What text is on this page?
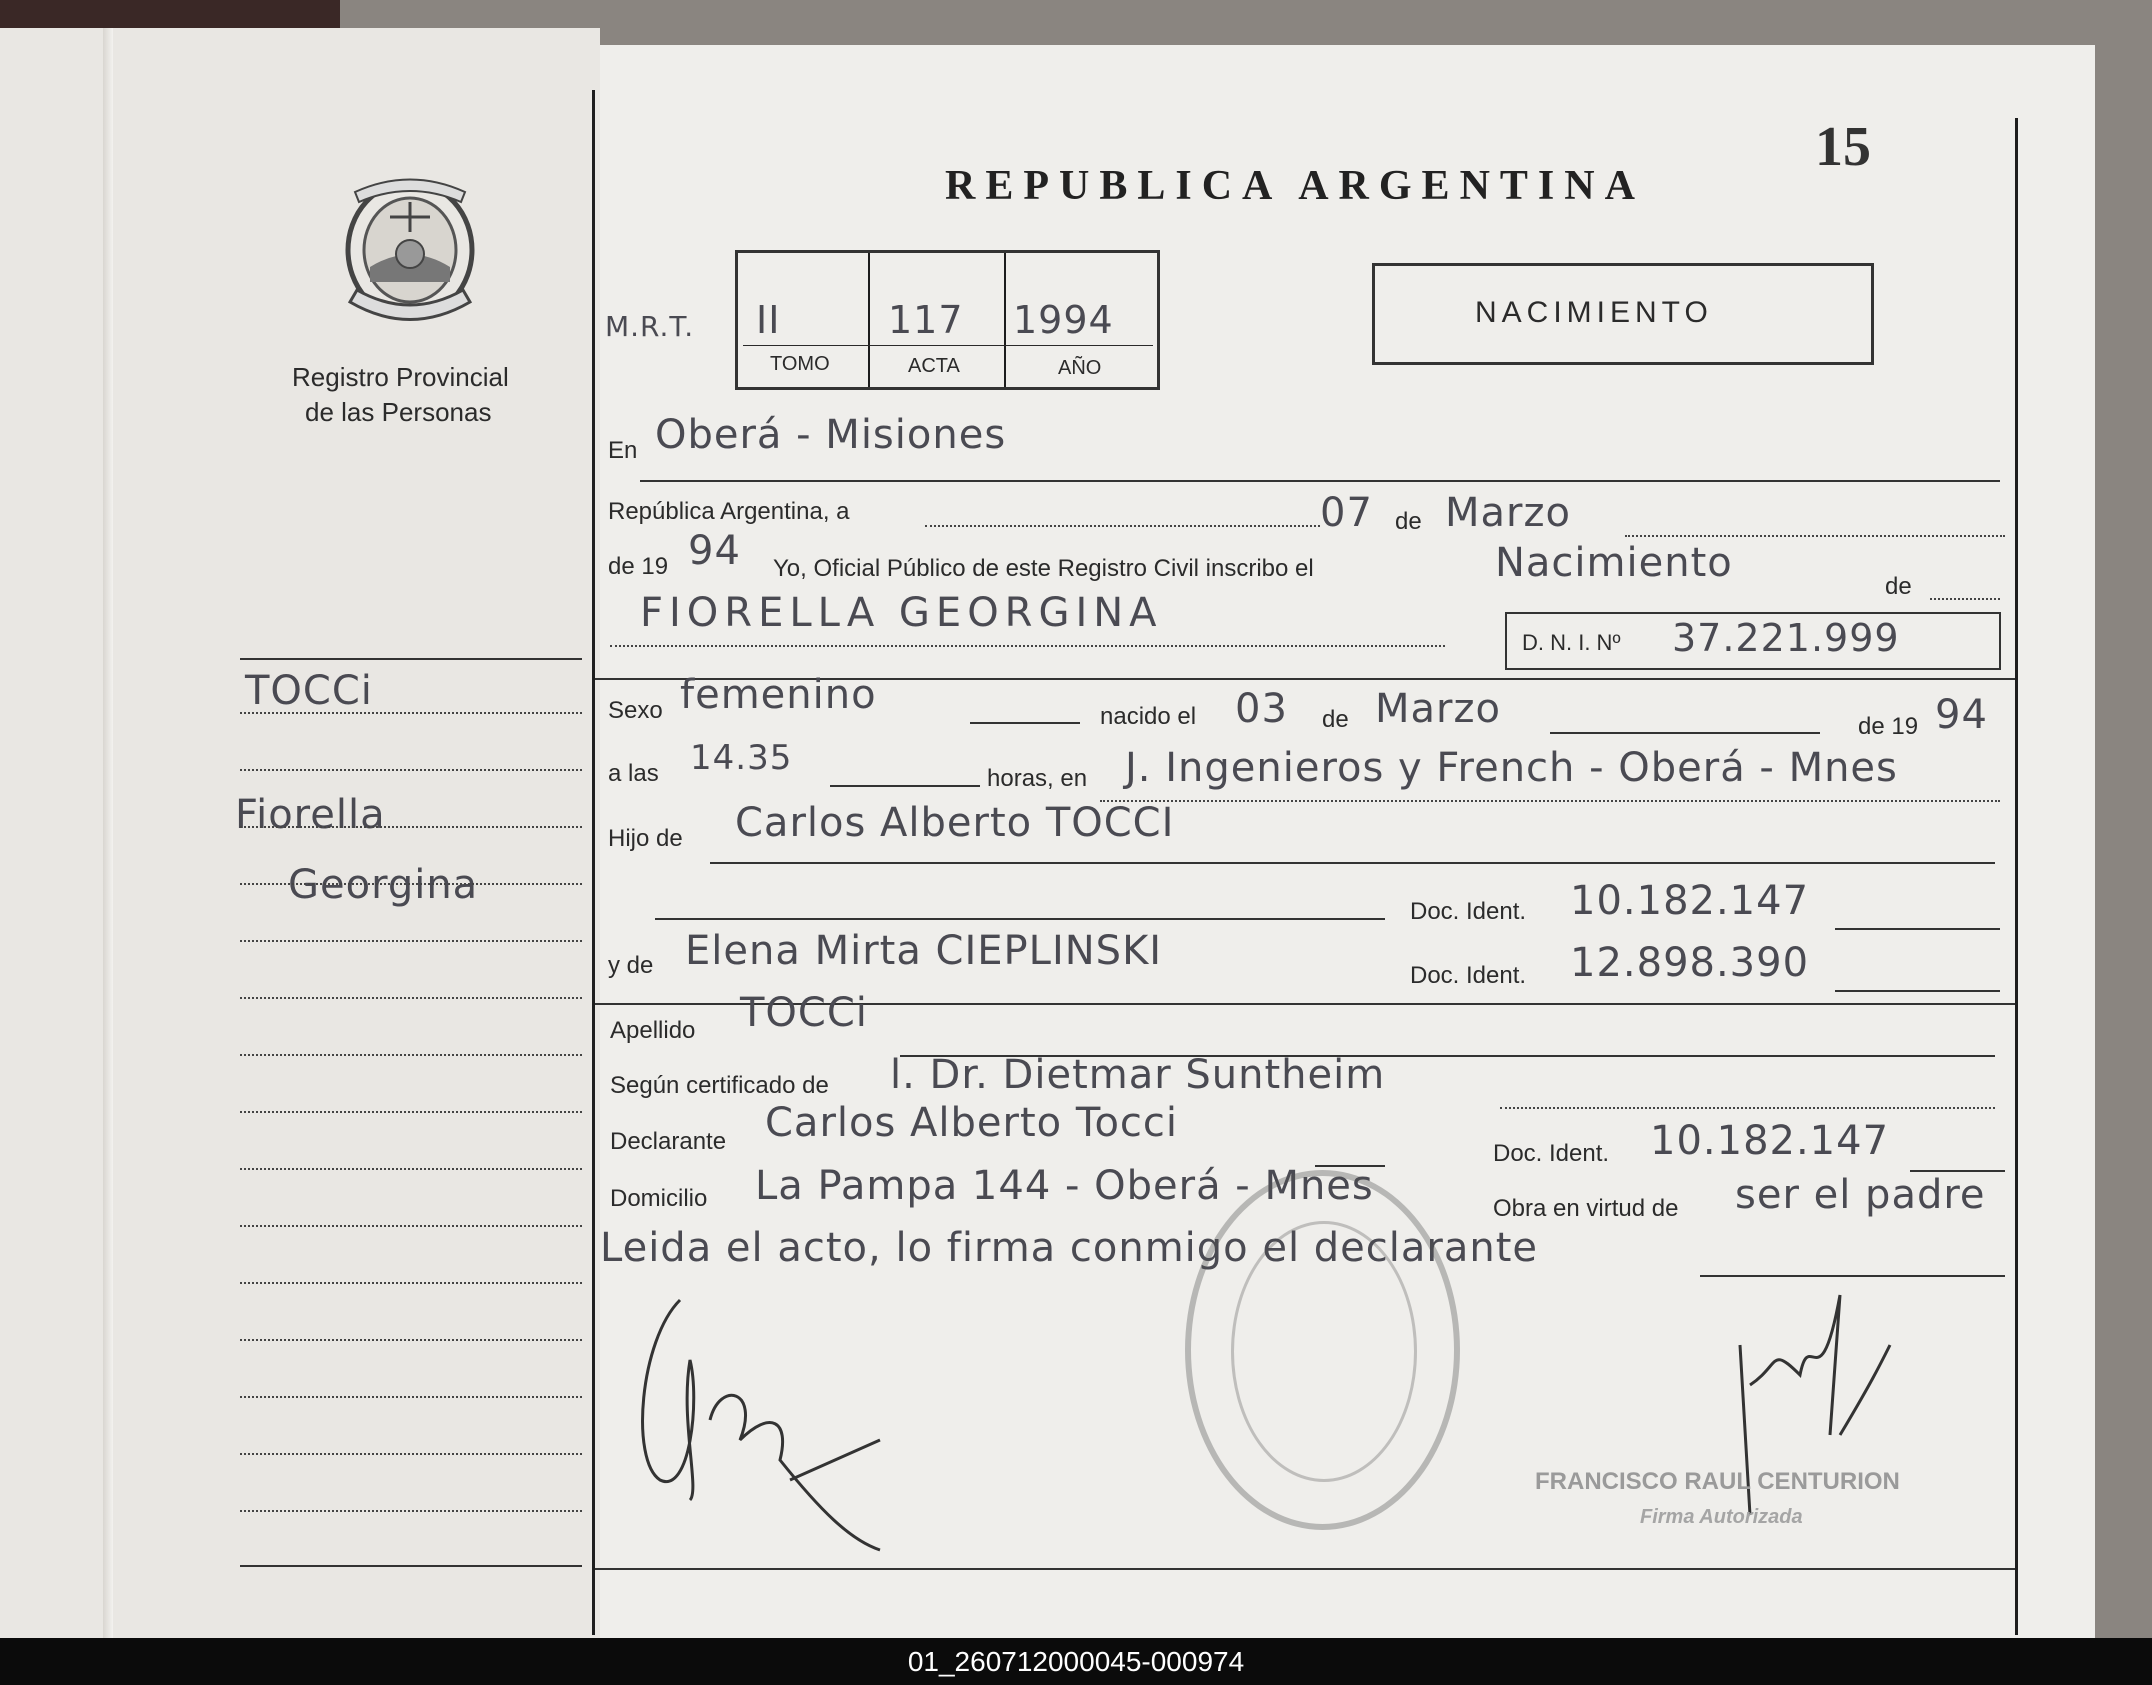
15
REPUBLICA ARGENTINA
Registro Provincial
de las Personas
M.R.T. II	117 1994
TOMO	ACTA	AÑO
NACIMIENTO
En Oberá - Misiones
República Argentina, a	07 de Marzo
de 19 94 Yo, Oficial Público de este Registro Civil inscribo el	Nacimiento
de
FIORELLA GEORGINA
D. N. I. Nº 37.221.999
Sexo femenino	nacido el 03 de Marzo	de 19 94
a las 14.35
horas, en J. Ingenieros y French - Oberá - Mnes
Hijo de Carlos Alberto TOCCI
Doc. Ident. 10.182.147
y de Elena Mirta CIEPLINSKI
Doc. Ident. 12.898.390
Apellido TOCCi
Según certificado de l. Dr. Dietmar Suntheim
Declarante Carlos Alberto Tocci
Doc. Ident. 10.182.147
Domicilio La Pampa 144 - Oberá - Mnes	Obra en virtud de ser el padre
Leida el acto, lo firma conmigo el declarante
FRANCISCO RAUL CENTURION
Firma Autorizada
TOCCi
Fiorella
Georgina
01_260712000045-000974
